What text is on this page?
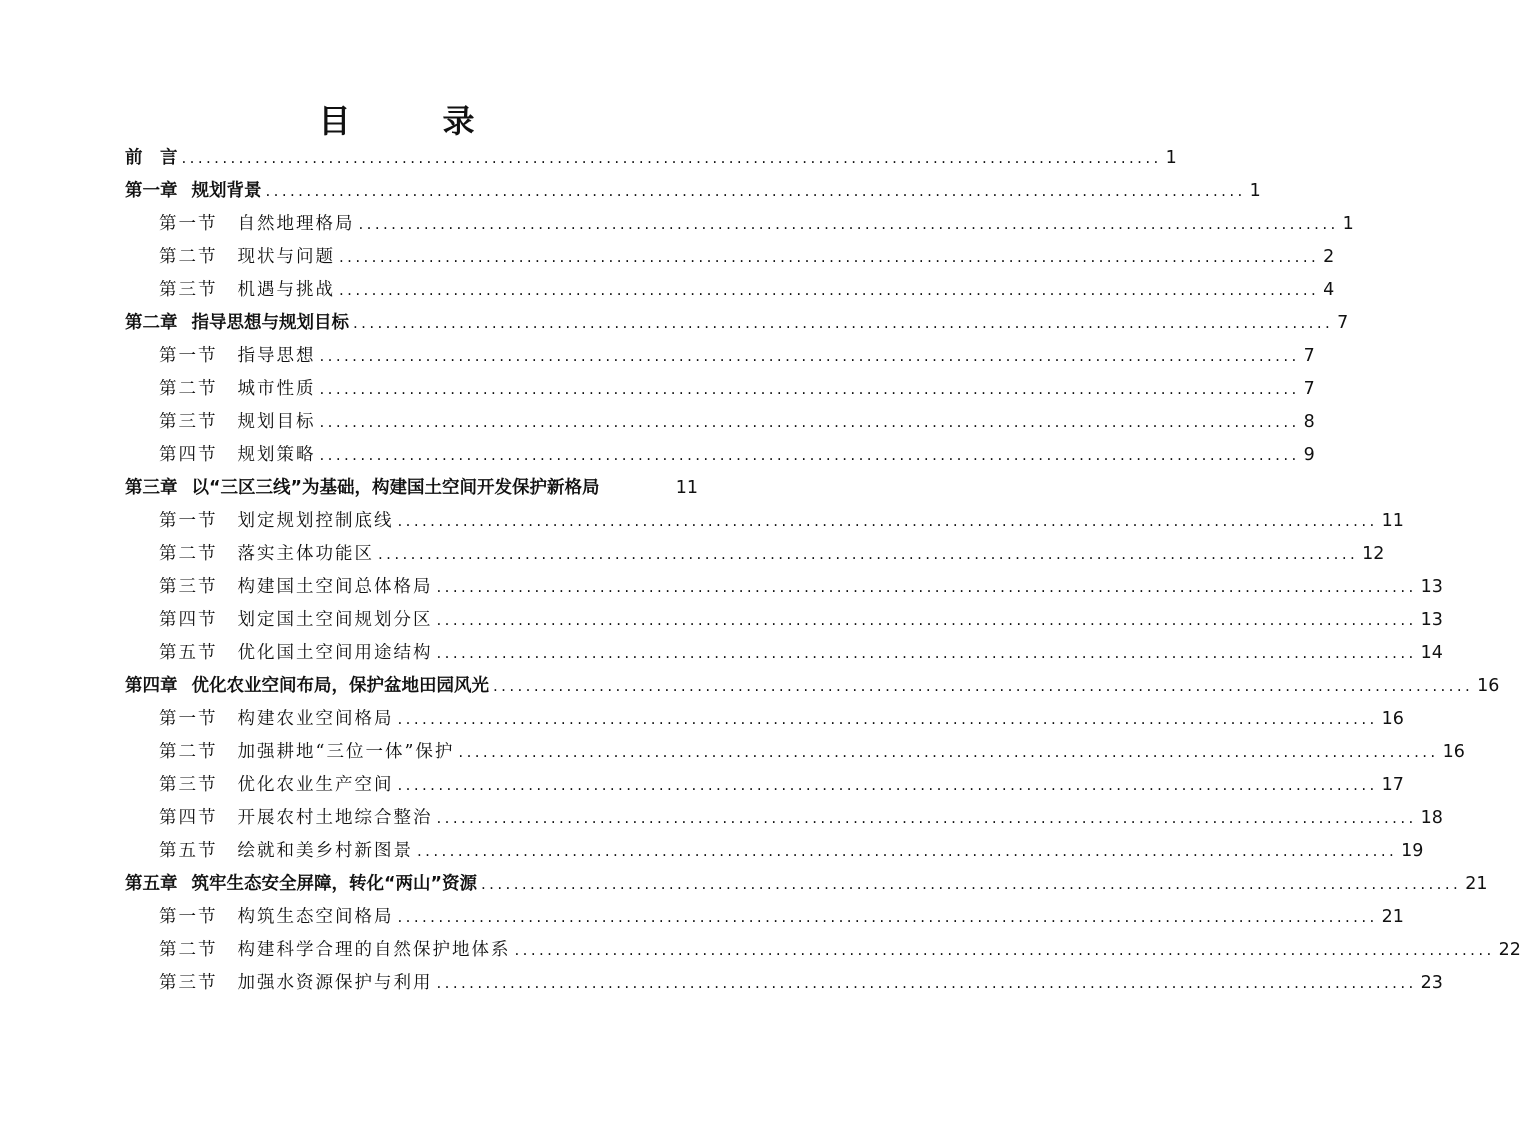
目　录
前　言 ........................................................................................................................ 1
第一章 规划背景 ........................................................................................................................ 1
第一节 自然地理格局 ........................................................................................................................ 1
第二节 现状与问题 ........................................................................................................................ 2
第三节 机遇与挑战 ........................................................................................................................ 4
第二章 指导思想与规划目标 ........................................................................................................................ 7
第一节 指导思想 ........................................................................................................................ 7
第二节 城市性质 ........................................................................................................................ 7
第三节 规划目标 ........................................................................................................................ 8
第四节 规划策略 ........................................................................................................................ 9
第三章 以“三区三线”为基础，构建国土空间开发保护新格局	11
第一节 划定规划控制底线 ........................................................................................................................ 11
第二节 落实主体功能区 ........................................................................................................................ 12
第三节 构建国土空间总体格局 ........................................................................................................................ 13
第四节 划定国土空间规划分区 ........................................................................................................................ 13
第五节 优化国土空间用途结构 ........................................................................................................................ 14
第四章 优化农业空间布局，保护盆地田园风光 ........................................................................................................................ 16
第一节 构建农业空间格局 ........................................................................................................................ 16
第二节 加强耕地“三位一体”保护 ........................................................................................................................ 16
第三节 优化农业生产空间 ........................................................................................................................ 17
第四节 开展农村土地综合整治 ........................................................................................................................ 18
第五节 绘就和美乡村新图景 ........................................................................................................................ 19
第五章 筑牢生态安全屏障，转化“两山”资源 ........................................................................................................................ 21
第一节 构筑生态空间格局 ........................................................................................................................ 21
第二节 构建科学合理的自然保护地体系 ........................................................................................................................ 22
第三节 加强水资源保护与利用 ........................................................................................................................ 23
